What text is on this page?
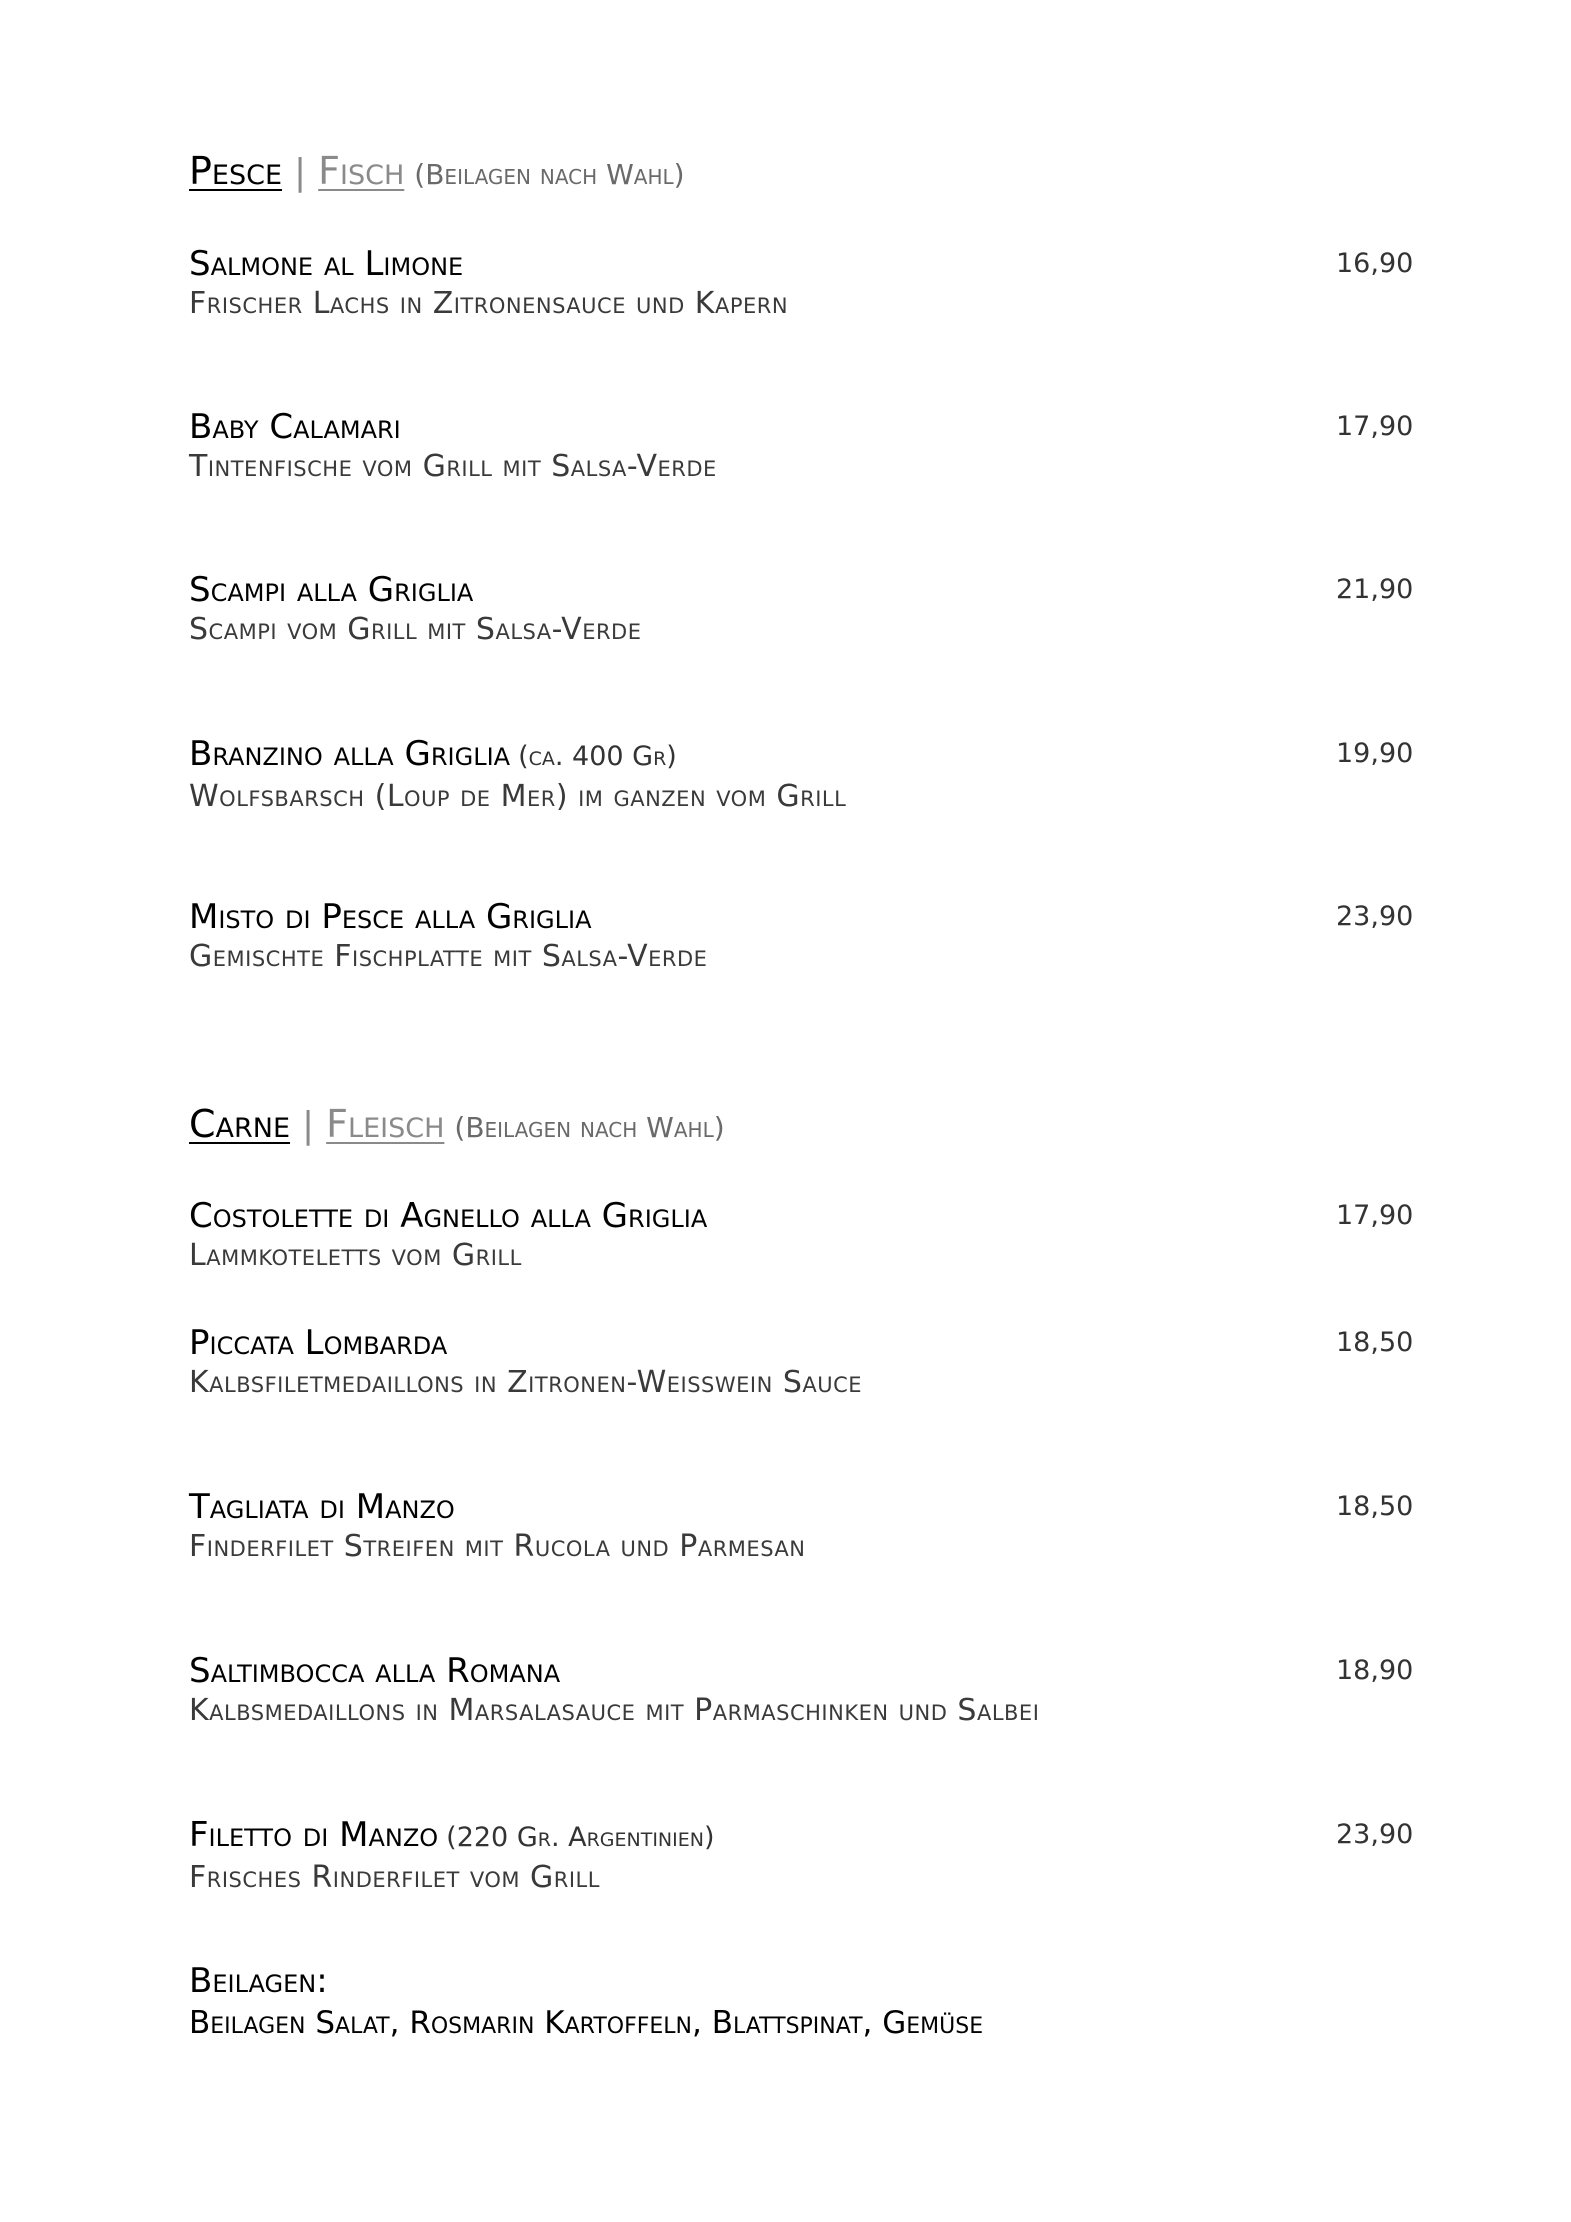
Pesce | Fisch (Beilagen nach Wahl)
Salmone al Limone
Frischer Lachs in Zitronensauce und Kapern
16,90
Baby Calamari
Tintenfische vom Grill mit Salsa-Verde
17,90
Scampi alla Griglia
Scampi vom Grill mit Salsa-Verde
21,90
Branzino alla Griglia (ca. 400 Gr)
Wolfsbarsch (Loup de Mer) im ganzen vom Grill
19,90
Misto di Pesce alla Griglia
Gemischte Fischplatte mit Salsa-Verde
23,90
Carne | Fleisch (Beilagen nach Wahl)
Costolette di Agnello alla Griglia
Lammkoteletts vom Grill
17,90
Piccata Lombarda
Kalbsfiletmedaillons in Zitronen-Weisswein Sauce
18,50
Tagliata di Manzo
Finderfilet Streifen mit Rucola und Parmesan
18,50
Saltimbocca alla Romana
Kalbsmedaillons in Marsalasauce mit Parmaschinken und Salbei
18,90
Filetto di Manzo (220 Gr. Argentinien)
Frisches Rinderfilet vom Grill
23,90
Beilagen:
Beilagen Salat, Rosmarin Kartoffeln, Blattspinat, Gemüse
